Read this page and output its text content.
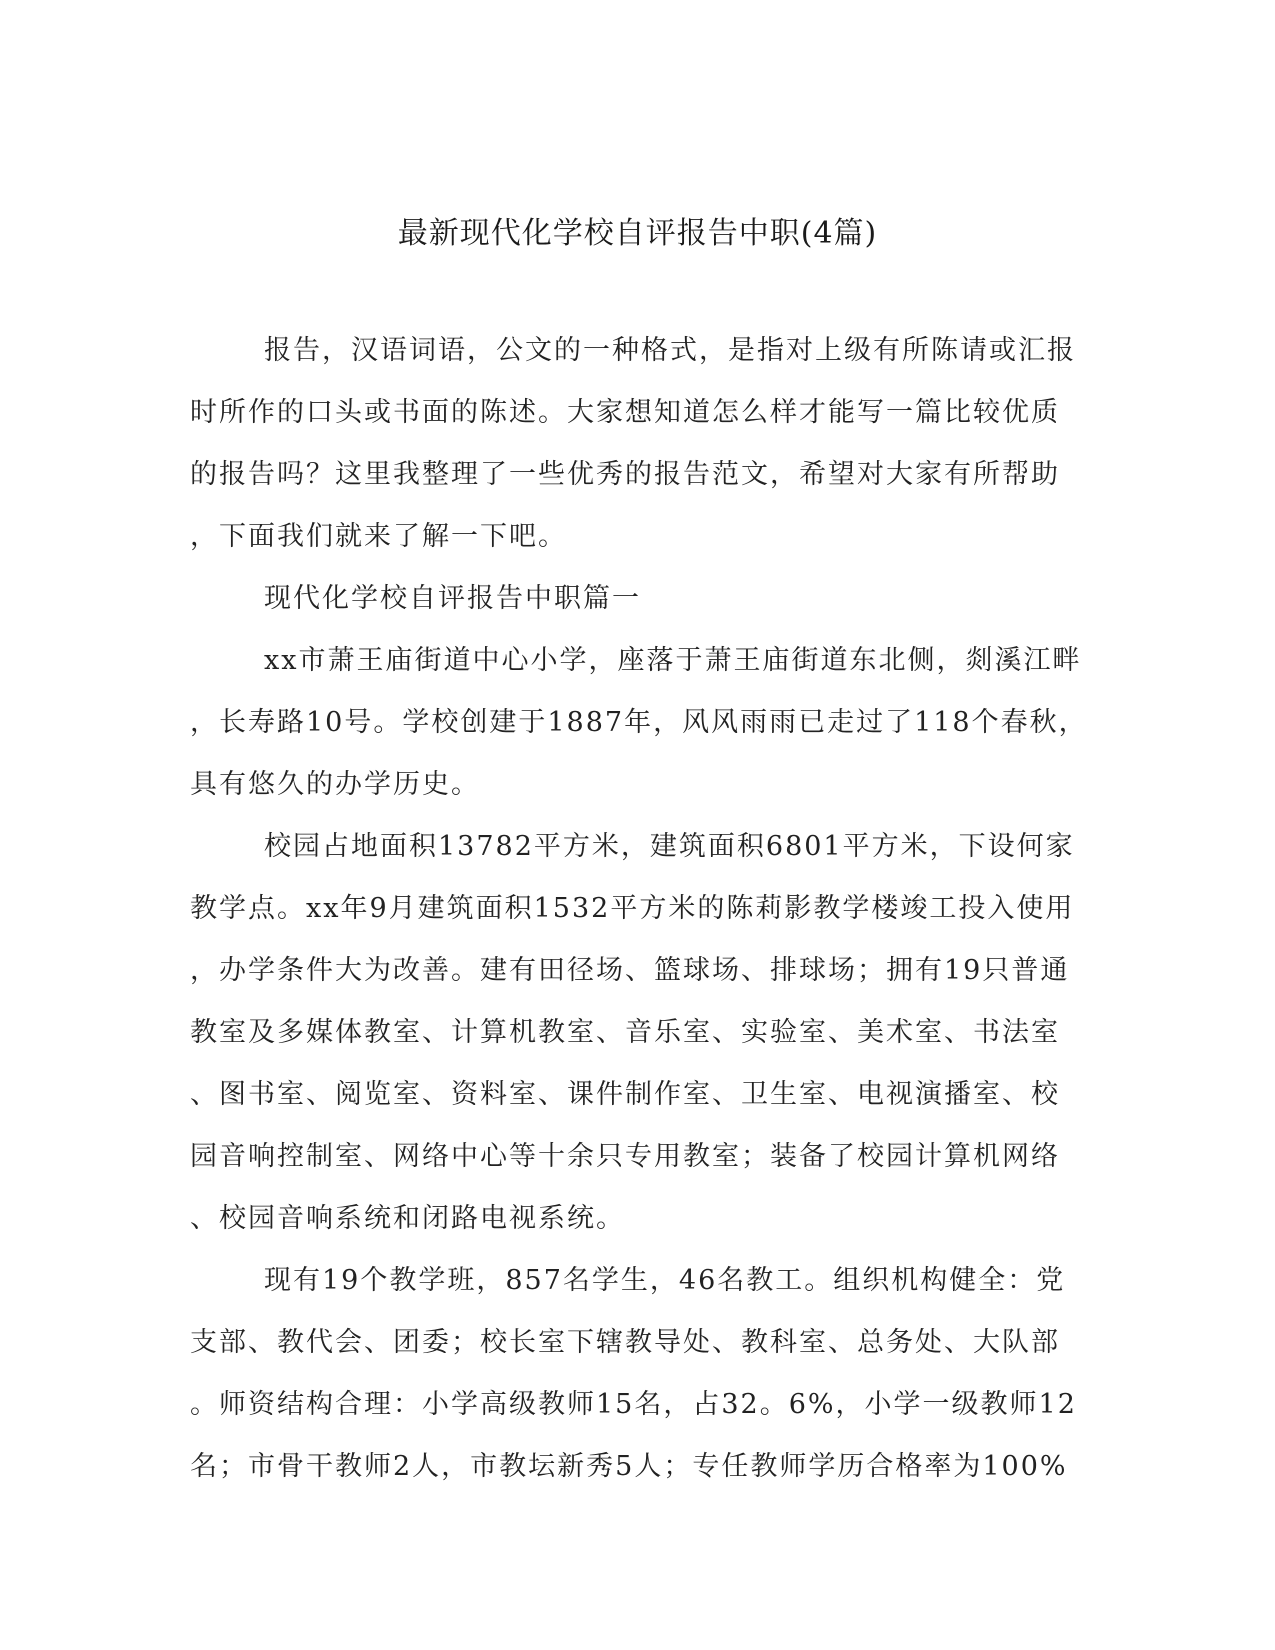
最新现代化学校自评报告中职(4篇)
报告，汉语词语，公文的一种格式，是指对上级有所陈请或汇报
时所作的口头或书面的陈述。大家想知道怎么样才能写一篇比较优质
的报告吗？这里我整理了一些优秀的报告范文，希望对大家有所帮助
，下面我们就来了解一下吧。
现代化学校自评报告中职篇一
xx市萧王庙街道中心小学，座落于萧王庙街道东北侧，剡溪江畔
，长寿路10号。学校创建于1887年，风风雨雨已走过了118个春秋，
具有悠久的办学历史。
校园占地面积13782平方米，建筑面积6801平方米，下设何家
教学点。xx年9月建筑面积1532平方米的陈莉影教学楼竣工投入使用
，办学条件大为改善。建有田径场、篮球场、排球场；拥有19只普通
教室及多媒体教室、计算机教室、音乐室、实验室、美术室、书法室
、图书室、阅览室、资料室、课件制作室、卫生室、电视演播室、校
园音响控制室、网络中心等十余只专用教室；装备了校园计算机网络
、校园音响系统和闭路电视系统。
现有19个教学班，857名学生，46名教工。组织机构健全：党
支部、教代会、团委；校长室下辖教导处、教科室、总务处、大队部
。师资结构合理：小学高级教师15名，占32。6%，小学一级教师12
名；市骨干教师2人，市教坛新秀5人；专任教师学历合格率为100%
